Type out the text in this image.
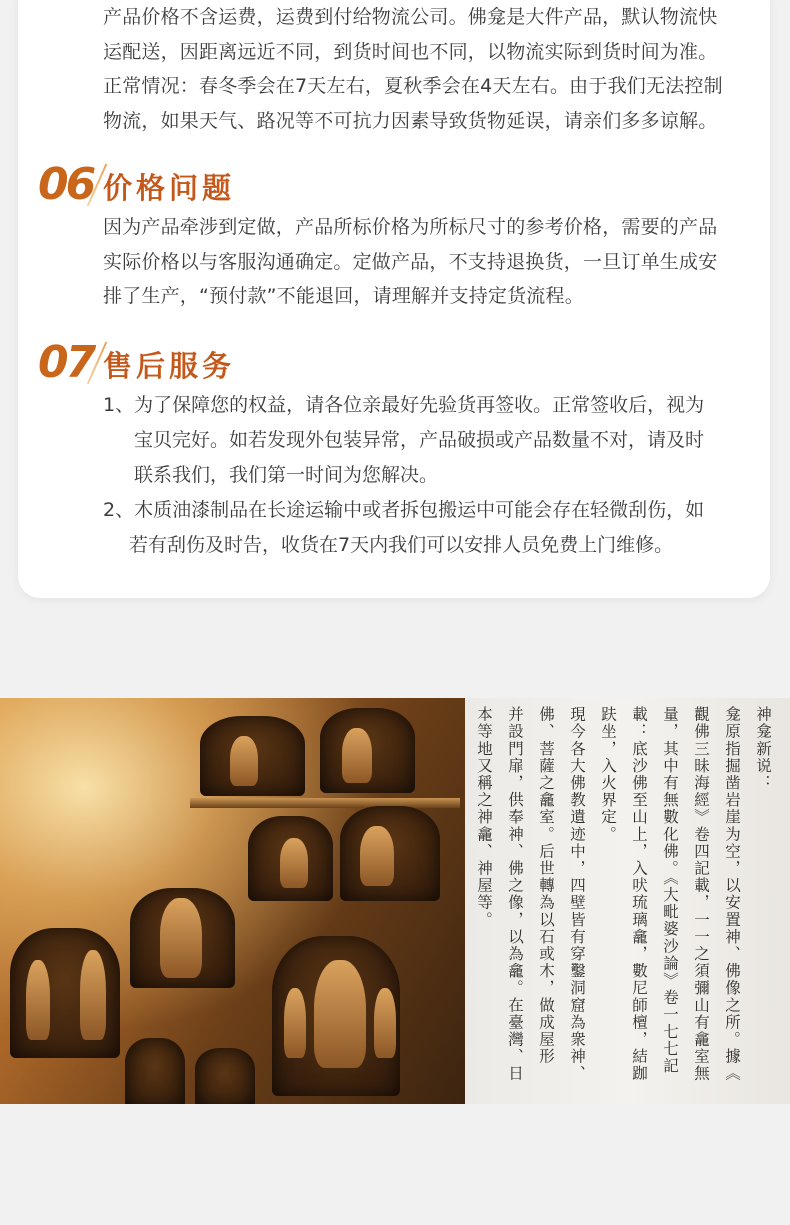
产品价格不含运费，运费到付给物流公司。佛龛是大件产品，默认物流快

运配送，因距离远近不同，到货时间也不同，以物流实际到货时间为准。

正常情况：春冬季会在7天左右，夏秋季会在4天左右。由于我们无法控制

物流，如果天气、路况等不可抗力因素导致货物延误，请亲们多多谅解。

06 价格问题

因为产品牵涉到定做，产品所标价格为所标尺寸的参考价格，需要的产品

实际价格以与客服沟通确定。定做产品，不支持退换货，一旦订单生成安

排了生产，“预付款”不能退回，请理解并支持定货流程。

07 售后服务
1、为了保障您的权益，请各位亲最好先验货再签收。正常签收后，视为
宝贝完好。如若发现外包装异常，产品破损或产品数量不对，请及时
联系我们，我们第一时间为您解决。
2、木质油漆制品在长途运输中或者拆包搬运中可能会存在轻微刮伤，如
若有刮伤及时告，收货在7天内我们可以安排人员免费上门维修。
神龛新说：
龛原指掘凿岩崖为空，以安置神、佛像之所。據《
觀佛三昧海經》卷四記載，一一之須彌山有龕室無
量，其中有無數化佛。《大毗婆沙論》卷一七七記
載：底沙佛至山上，入吠琉璃龕，數尼師檀，結跏
趺坐，入火界定。
現今各大佛教遺迹中，四壁皆有穿鑿洞窟為衆神、
佛、菩薩之龕室。后世轉為以石或木，做成屋形
并設門扉，供奉神、佛之像，以為龕。在臺灣、日
本等地又稱之神龕、神屋等。
